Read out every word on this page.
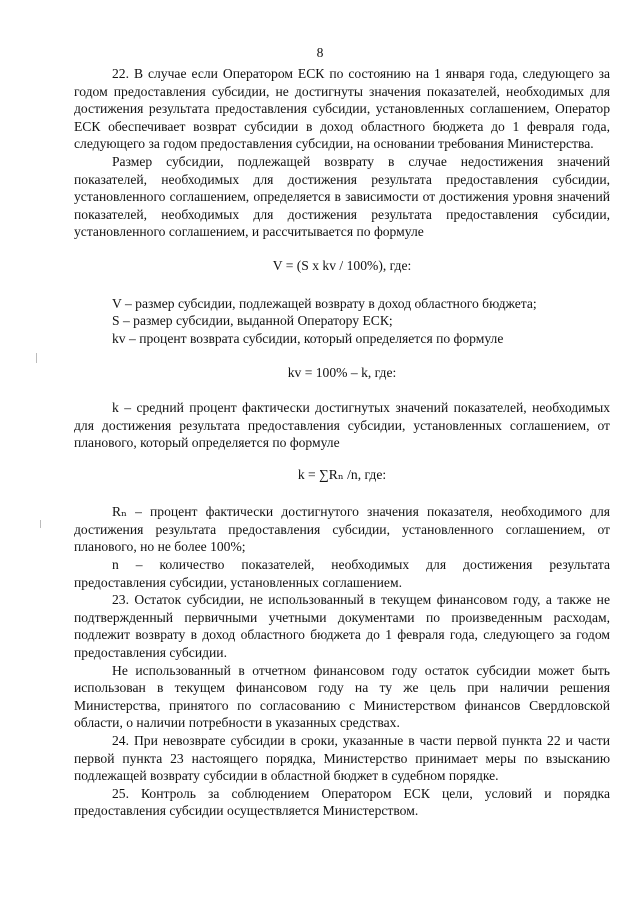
8

22. В случае если Оператором ЕСК по состоянию на 1 января года, следующего за годом предоставления субсидии, не достигнуты значения показателей, необходимых для достижения результата предоставления субсидии, установленных соглашением, Оператор ЕСК обеспечивает возврат субсидии в доход областного бюджета до 1 февраля года, следующего за годом предоставления субсидии, на основании требования Министерства.

Размер субсидии, подлежащей возврату в случае недостижения значений показателей, необходимых для достижения результата предоставления субсидии, установленного соглашением, определяется в зависимости от достижения уровня значений показателей, необходимых для достижения результата предоставления субсидии, установленного соглашением, и рассчитывается по формуле

V = (S x kv / 100%), где:

V – размер субсидии, подлежащей возврату в доход областного бюджета;

S – размер субсидии, выданной Оператору ЕСК;

kv – процент возврата субсидии, который определяется по формуле

kv = 100% – k, где:

k – средний процент фактически достигнутых значений показателей, необходимых для достижения результата предоставления субсидии, установленных соглашением, от планового, который определяется по формуле

k = ∑Rₙ /n, где:

Rₙ – процент фактически достигнутого значения показателя, необходимого для достижения результата предоставления субсидии, установленного соглашением, от планового, но не более 100%;

n – количество показателей, необходимых для достижения результата предоставления субсидии, установленных соглашением.

23. Остаток субсидии, не использованный в текущем финансовом году, а также не подтвержденный первичными учетными документами по произведенным расходам, подлежит возврату в доход областного бюджета до 1 февраля года, следующего за годом предоставления субсидии.

Не использованный в отчетном финансовом году остаток субсидии может быть использован в текущем финансовом году на ту же цель при наличии решения Министерства, принятого по согласованию с Министерством финансов Свердловской области, о наличии потребности в указанных средствах.

24. При невозврате субсидии в сроки, указанные в части первой пункта 22 и части первой пункта 23 настоящего порядка, Министерство принимает меры по взысканию подлежащей возврату субсидии в областной бюджет в судебном порядке.

25. Контроль за соблюдением Оператором ЕСК цели, условий и порядка предоставления субсидии осуществляется Министерством.
